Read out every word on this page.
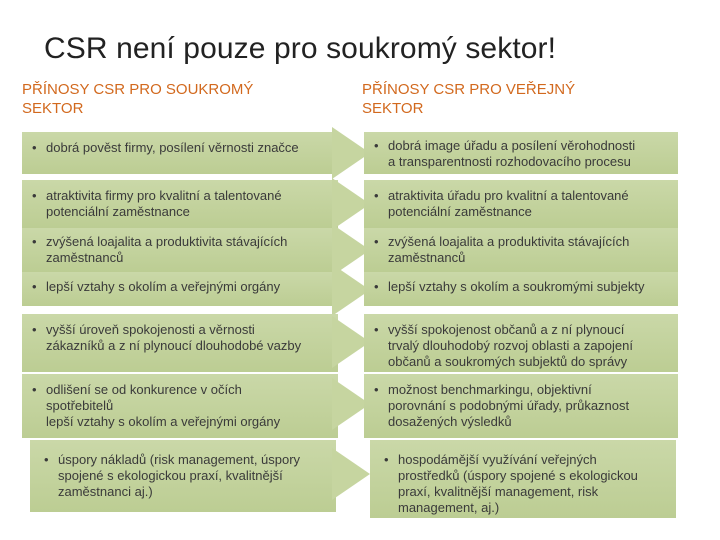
CSR není pouze pro soukromý sektor!
PŘÍNOSY CSR PRO SOUKROMÝ
SEKTOR
PŘÍNOSY CSR PRO VEŘEJNÝ
SEKTOR
• dobrá pověst firmy, posílení věrnosti značce	• dobrá image úřadu a posílení věrohodnosti
a transparentnosti rozhodovacího procesu
• atraktivita firmy pro kvalitní a talentované
potenciální zaměstnance
• atraktivita úřadu pro kvalitní a talentované
potenciální zaměstnance
• zvýšená loajalita a produktivita stávajících
zaměstnanců
• zvýšená loajalita a produktivita stávajících
zaměstnanců
• lepší vztahy s okolím a veřejnými orgány	• lepší vztahy s okolím a soukromými subjekty
• vyšší úroveň spokojenosti a věrnosti
zákazníků a z ní plynoucí dlouhodobé vazby
• vyšší spokojenost občanů a z ní plynoucí
trvalý dlouhodobý rozvoj oblasti a zapojení
občanů a soukromých subjektů do správy
• odlišení se od konkurence v očích
spotřebitelů
lepší vztahy s okolím a veřejnými orgány
• možnost benchmarkingu, objektivní
porovnání s podobnými úřady, průkaznost
dosažených výsledků
• úspory nákladů (risk management, úspory
spojené s ekologickou praxí, kvalitnější
zaměstnanci aj.)
• hospodámější využívání veřejných
prostředků (úspory spojené s ekologickou
praxí, kvalitnější management, risk
management, aj.)
